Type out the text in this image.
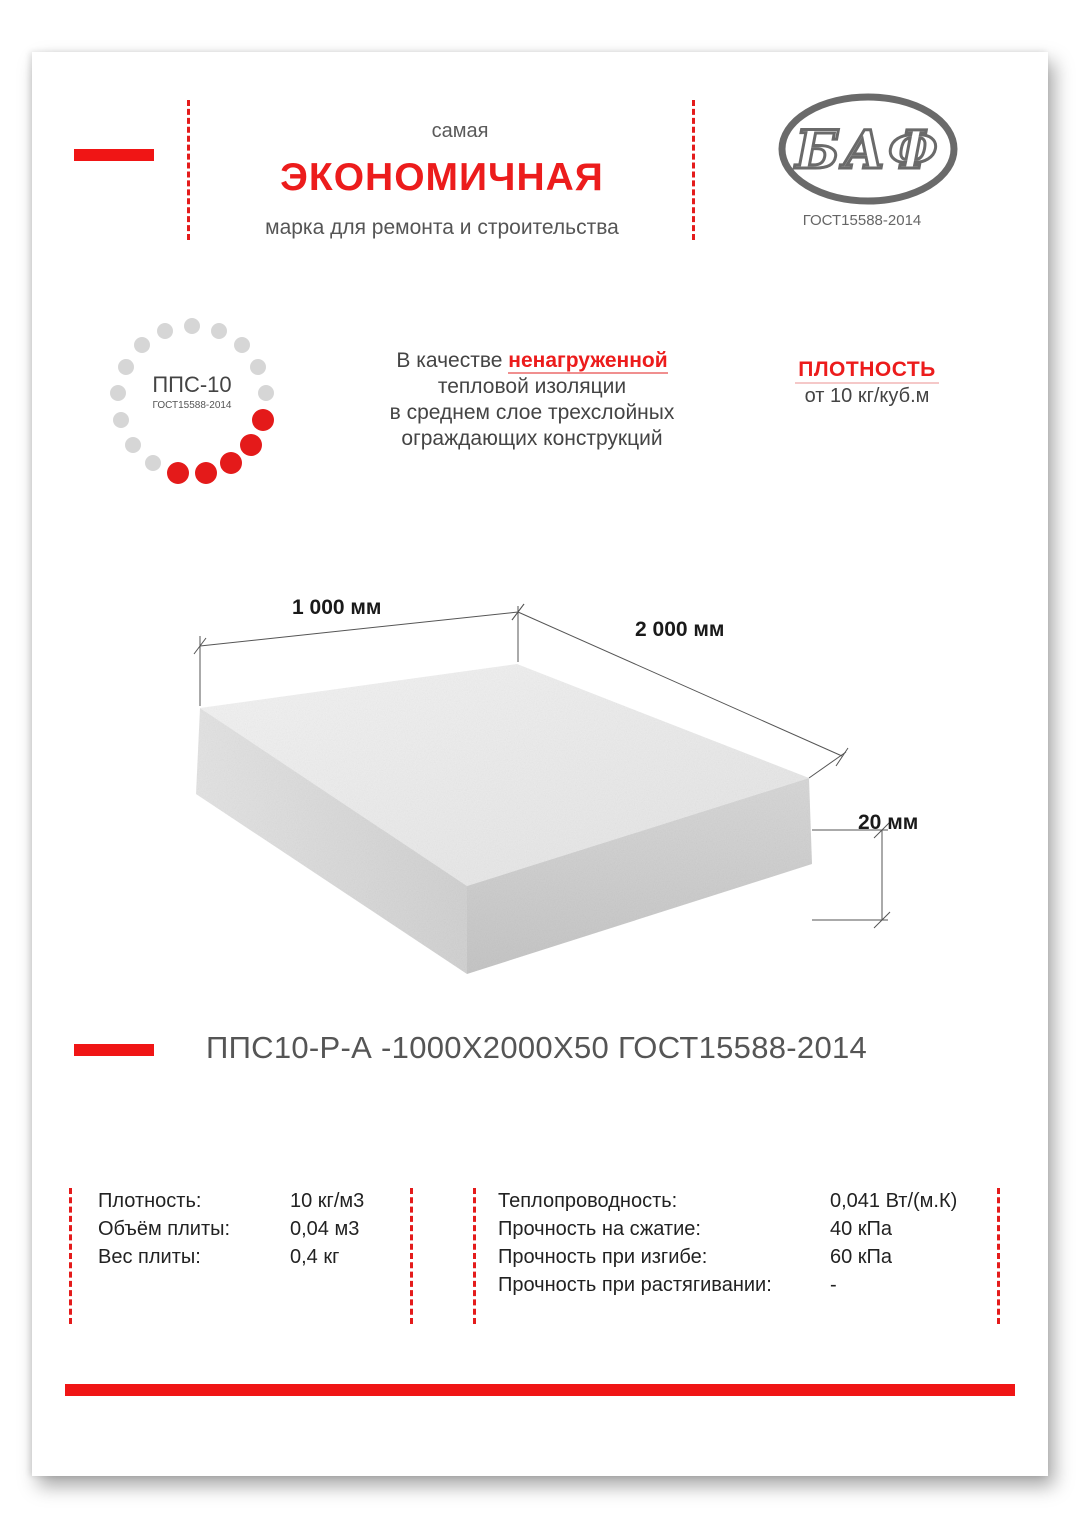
самая
ЭКОНОМИЧНАЯ
марка для ремонта и строительства
БАФ
ГОСТ15588-2014
ППС-10
ГОСТ15588-2014
В качестве ненагруженной
тепловой изоляции
в среднем слое трехслойных
ограждающих конструкций
ПЛОТНОСТЬ
от 10 кг/куб.м
1 000 мм
2 000 мм
20 мм
ППС10-Р-А -1000Х2000Х50 ГОСТ15588-2014
Плотность:	10 кг/м3
Объём плиты:	0,04 м3
Вес плиты:	0,4 кг
Теплопроводность:	0,041 Вт/(м.К)
Прочность на сжатие:	40 кПа
Прочность при изгибе:	60 кПа
Прочность при растягивании:	-
